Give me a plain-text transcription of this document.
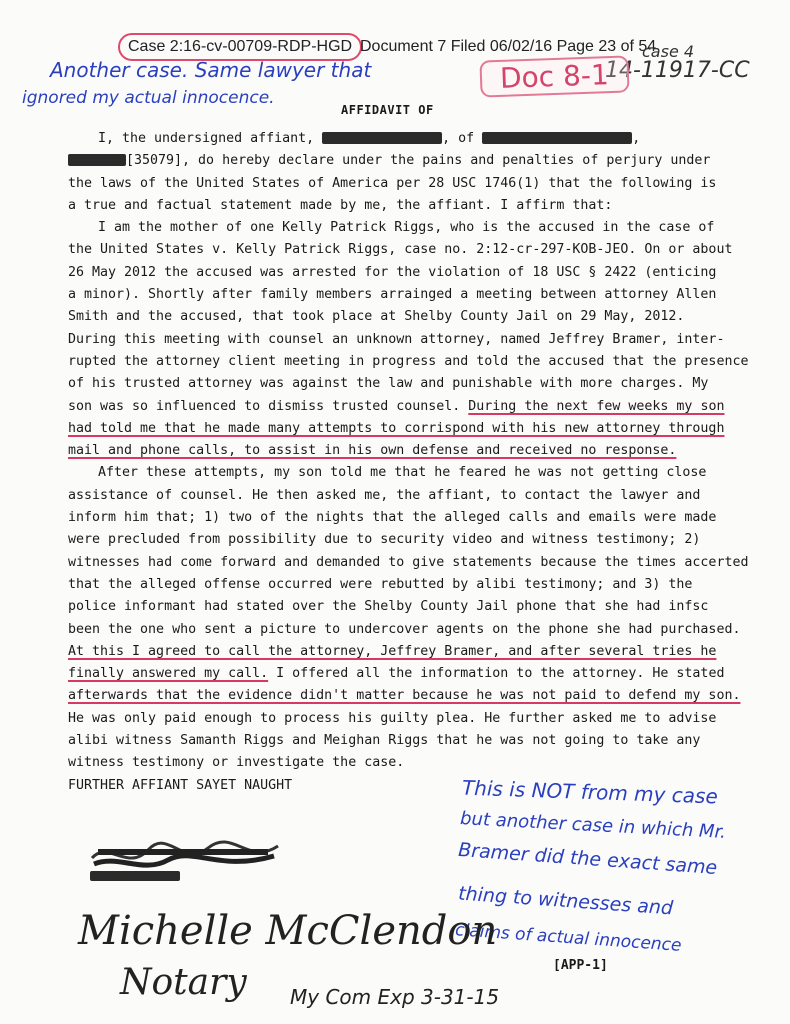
Case 2:16-cv-00709-RDP-HGD Document 7 Filed 06/02/16 Page 23 of 54
case 4
14-11917-CC
Another case. Same lawyer that
ignored my actual innocence.
Doc 8-1
AFFIDAVIT OF

I, the undersigned affiant,	, of	,

[35079], do hereby declare under the pains and penalties of perjury under

the laws of the United States of America per 28 USC 1746(1) that the following is

a true and factual statement made by me, the affiant. I affirm that:

I am the mother of one Kelly Patrick Riggs, who is the accused in the case of

the United States v. Kelly Patrick Riggs, case no. 2:12-cr-297-KOB-JEO. On or about

26 May 2012 the accused was arrested for the violation of 18 USC § 2422 (enticing

a minor). Shortly after family members arrainged a meeting between attorney Allen

Smith and the accused, that took place at Shelby County Jail on 29 May, 2012.

During this meeting with counsel an unknown attorney, named Jeffrey Bramer, inter-

rupted the attorney client meeting in progress and told the accused that the presence

of his trusted attorney was against the law and punishable with more charges. My

son was so influenced to dismiss trusted counsel. During the next few weeks my son

had told me that he made many attempts to corrispond with his new attorney through

mail and phone calls, to assist in his own defense and received no response.

After these attempts, my son told me that he feared he was not getting close

assistance of counsel. He then asked me, the affiant, to contact the lawyer and

inform him that; 1) two of the nights that the alleged calls and emails were made

were precluded from possibility due to security video and witness testimony; 2)

witnesses had come forward and demanded to give statements because the times accerted

that the alleged offense occurred were rebutted by alibi testimony; and 3) the

police informant had stated over the Shelby County Jail phone that she had infsc

been the one who sent a picture to undercover agents on the phone she had purchased.

At this I agreed to call the attorney, Jeffrey Bramer, and after several tries he

finally answered my call. I offered all the information to the attorney. He stated

afterwards that the evidence didn't matter because he was not paid to defend my son.

He was only paid enough to process his guilty plea. He further asked me to advise

alibi witness Samanth Riggs and Meighan Riggs that he was not going to take any

witness testimony or investigate the case.

FURTHER AFFIANT SAYET NAUGHT	This is NOT from my case
but another case in which Mr.
Bramer did the exact same
thing to witnesses and
claims of actual innocence
Michelle McClendon
Notary My Com Exp 3-31-15
[APP-1]
